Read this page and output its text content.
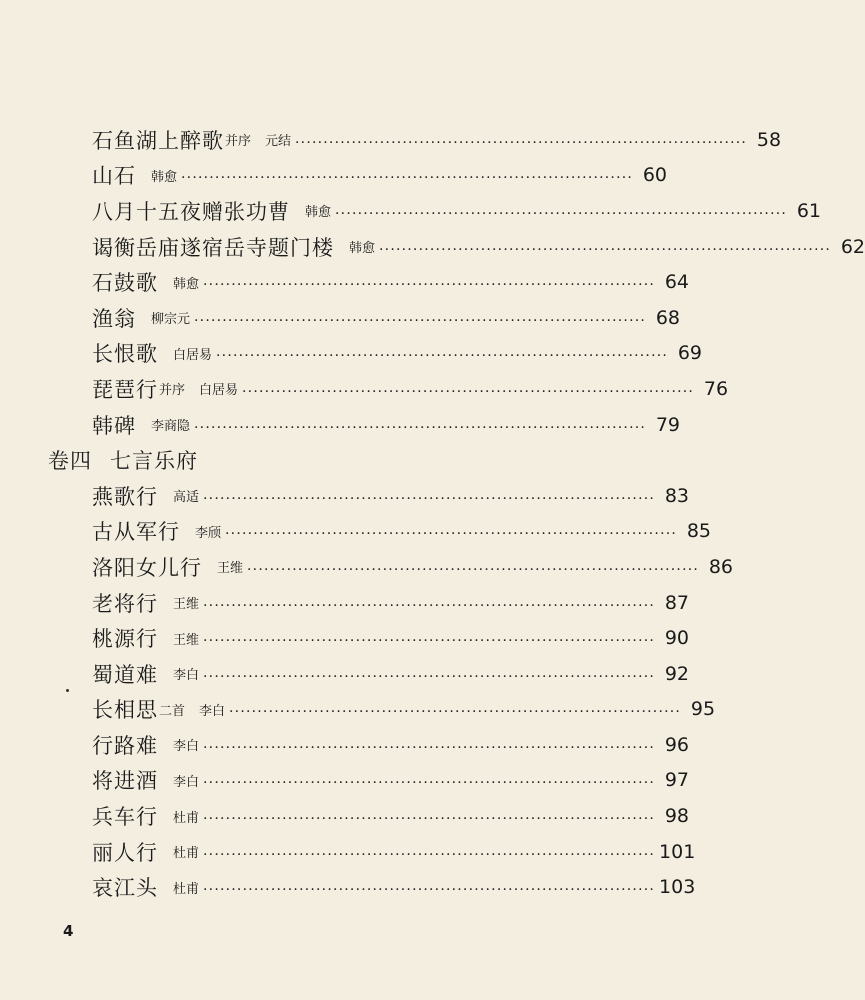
石鱼湖上醉歌 并序 元结 ················································································ 58
山石 韩愈 ················································································ 60
八月十五夜赠张功曹 韩愈 ················································································ 61
谒衡岳庙遂宿岳寺题门楼 韩愈 ················································································ 62
石鼓歌 韩愈 ················································································ 64
渔翁 柳宗元 ················································································ 68
长恨歌 白居易 ················································································ 69
琵琶行 并序 白居易 ················································································ 76
韩碑 李商隐 ················································································ 79
卷四 七言乐府
燕歌行 高适 ················································································ 83
古从军行 李颀 ················································································ 85
洛阳女儿行 王维 ················································································ 86
老将行 王维 ················································································ 87
桃源行 王维 ················································································ 90
蜀道难 李白 ················································································ 92
长相思 二首 李白 ················································································ 95
行路难 李白 ················································································ 96
将进酒 李白 ················································································ 97
兵车行 杜甫 ················································································ 98
丽人行 杜甫 ················································································ 101
哀江头 杜甫 ················································································ 103
4
